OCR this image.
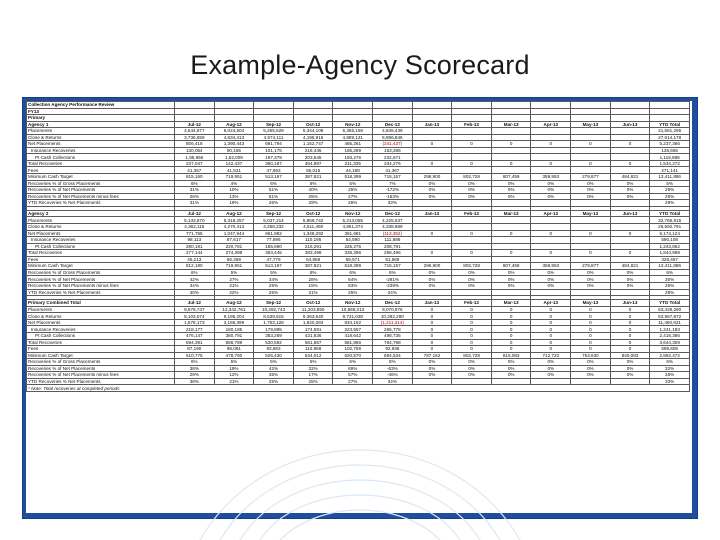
Example-Agency Scorecard
Collection Agency Performance Review													
FY13													
Primary													
Agency 1	Jul-12	Aug-12	Sep-12	Oct-12	Nov-12	Dec-12	Jan-13	Feb-13	Mar-13	Apr-13	May-13	Jun-13	YTD Total
Placements	4,544,877	6,024,504	5,255,529	5,344,108	5,355,158	4,845,439							31,661,295
Close & Returns	3,736,659	4,634,413	4,574,111	4,195,915	4,889,121	5,896,846							27,614,178
Net Placements	806,418	1,390,443	691,794	1,152,747	465,261	(341,437)	0	0	0	0	0	0	5,237,366
Insurance Recoveries	130,054	90,165	101,175	216,445	165,289	153,286							136,665
Pt Cash Collections	1,95,956	1,52,009	197,379	203,545	193,276	232,671							1,115,988
Total Recoveries	237,047	142,437	360,187	464,997	211,335	334,276	0	0	0	0	0	0	1,534,272
Fees	41,357	41,521	47,693	55,015	44,188	41,367							271,141
Minimum Cash Target	815,160	719,951	513,167	387,821	518,399	715,157	296,900	802,728	807,459	358,953	279,877	484,821	13,411,886
Recoveries % of Gross Placements	6%	4%	6%	8%	5%	7%	0%	0%	0%	0%	0%	0%	5%
Recoveries % of Net Placements	31%	10%	51%	40%	25%	-172%	0%	0%	0%	0%	0%	0%	29%
Recoveries % of Net Placements minus fees	26%	13%	51%	25%	27%	-153%	0%	0%	0%	0%	0%	0%	26%
YTD Recoveries % Net Placements	31%	19%	26%	29%	26%	33%							29%

Agency 2	Jul-12	Aug-12	Sep-12	Oct-12	Nov-12	Dec-12	Jan-13	Feb-13	Mar-13	Apr-13	May-13	Jun-13	YTD Total
Placements	5,133,870	6,318,257	5,037,214	5,859,742	5,213,055	4,225,537							32,766,815
Close & Returns	4,362,115	4,270,413	4,258,232	4,511,450	4,851,374	4,338,889							26,592,791
Net Placements	771,755	1,047,844	861,982	1,348,292	361,681	(113,352)	0	0	0	0	0	0	6,174,124
Insurance Recoveries	98,113	87,617	77,695	110,195	54,590	111,886							590,108
Pt Cash Collections	280,191	220,781	185,890	216,291	225,275	208,791							1,243,862
Total Recoveries	277,144	274,398	363,445	383,499	335,396	258,496	0	0	0	0	0	0	1,844,998
Fees	45,213	56,469	47,779	64,958	58,571	51,569							328,467
Minimum Cash Target	812,180	719,951	513,167	387,821	518,399	715,157	296,900	802,728	807,459	358,953	279,877	484,821	13,411,886
Recoveries % of Gross Placements	6%	5%	5%	8%	6%	8%	0%	0%	0%	0%	0%	0%	6%
Recoveries % of Net Placements	42%	27%	34%	28%	64%	-291%	0%	0%	0%	0%	0%	0%	30%
Recoveries % of Net Placements minus fees	34%	21%	25%	15%	63%	-238%	0%	0%	0%	0%	0%	0%	25%
YTD Recoveries % Net Placements	40%	22%	25%	21%	25%	24%							28%

Primary Combined Total	Jul-12	Aug-12	Sep-12	Oct-12	Nov-12	Dec-12	Jan-13	Feb-13	Mar-13	Apr-13	May-13	Jun-13	YTD Total
Placements	9,678,747	12,342,761	10,292,743	11,203,850	10,568,213	9,070,976	0	0	0	0	0	0	63,428,290
Close & Returns	8,103,574	9,195,204	8,539,615	9,363,640	9,731,038	10,282,290	0	0	0	0	0	0	53,967,872
Net Placements	1,578,173	3,166,399	1,753,128	1,840,284	834,162	(1,211,314)	0	0	0	0	0	0	11,460,621
Insurance Recoveries	218,177	180,185	179,895	174,591	223,557	265,778	0	0	0	0	0	0	1,241,183
Pt Cash Collections	476,147	380,791	383,269	431,836	418,642	498,735	0	0	0	0	0	0	2,418,386
Total Recoveries	594,391	586,789	530,592	581,867	581,866	764,798	0	0	0	0	0	0	3,644,309
Fees	87,190	98,081	93,883	110,958	102,759	92,936	0	0	0	0	0	0	599,608
Minimum Cash Target	610,775	478,760	525,430	634,012	620,570	694,534	787,162	802,728	815,083	712,722	753,630	840,083	2,882,472
Recoveries % of Gross Placements	6%	5%	5%	5%	6%	8%	0%	0%	0%	0%	0%	0%	6%
Recoveries % of Net Placements	38%	19%	42%	32%	69%	-63%	0%	0%	0%	0%	0%	0%	32%
Recoveries % of Net Placements minus fees	29%	12%	35%	17%	57%	-46%	0%	0%	0%	0%	0%	0%	28%
YTD Recoveries % Net Placements	38%	21%	25%	25%	27%	34%							33%
* Note: Total recoveries at completed periods													
